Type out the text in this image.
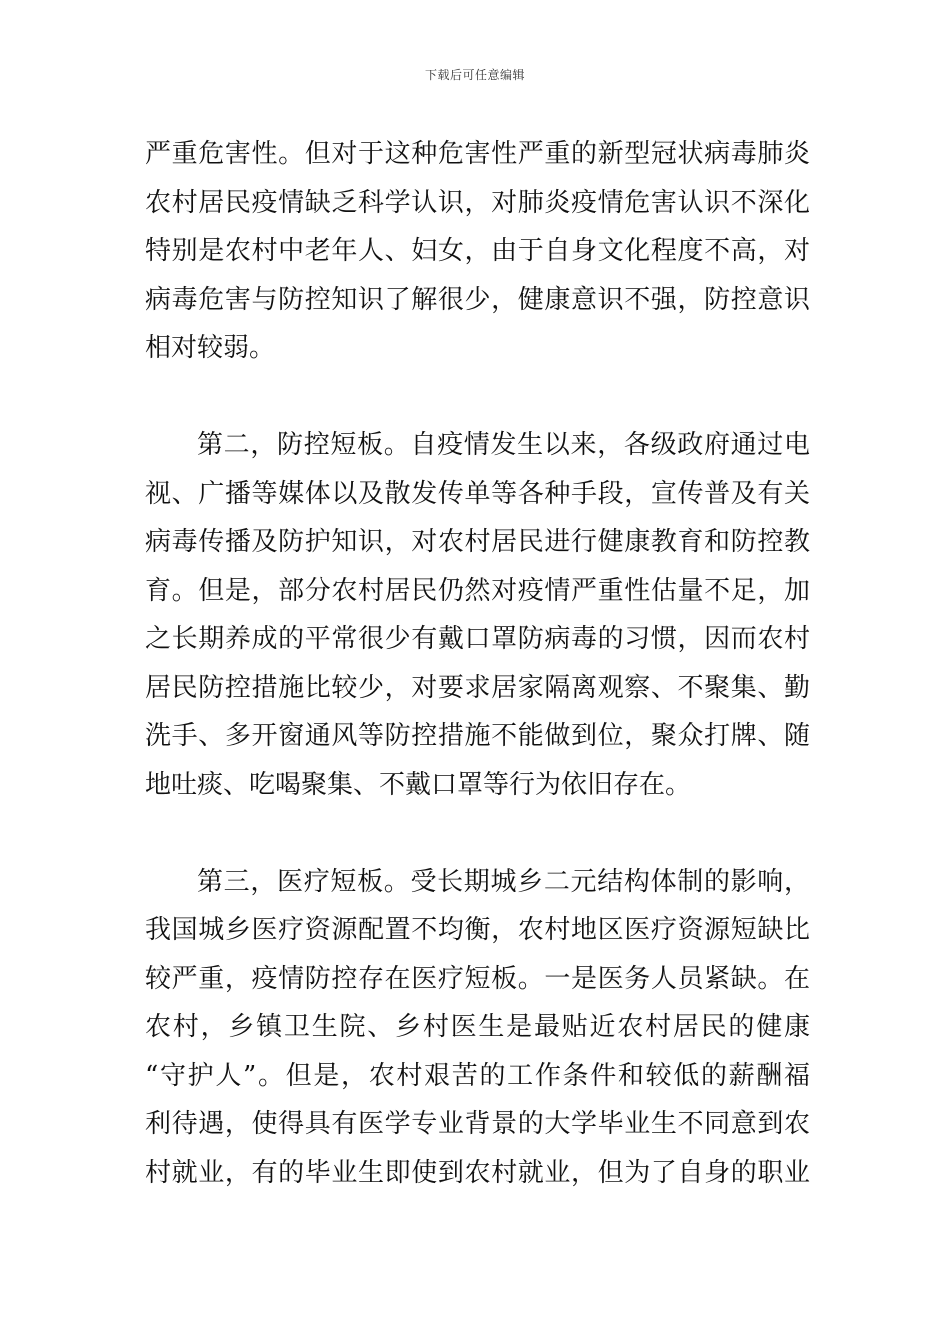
下载后可任意编辑
严重危害性。但对于这种危害性严重的新型冠状病毒肺炎
农村居民疫情缺乏科学认识，对肺炎疫情危害认识不深化
特别是农村中老年人、妇女，由于自身文化程度不高，对
病毒危害与防控知识了解很少，健康意识不强，防控意识
相对较弱。
第二，防控短板。自疫情发生以来，各级政府通过电
视、广播等媒体以及散发传单等各种手段，宣传普及有关
病毒传播及防护知识，对农村居民进行健康教育和防控教
育。但是，部分农村居民仍然对疫情严重性估量不足，加
之长期养成的平常很少有戴口罩防病毒的习惯，因而农村
居民防控措施比较少，对要求居家隔离观察、不聚集、勤
洗手、多开窗通风等防控措施不能做到位，聚众打牌、随
地吐痰、吃喝聚集、不戴口罩等行为依旧存在。
第三，医疗短板。受长期城乡二元结构体制的影响，
我国城乡医疗资源配置不均衡，农村地区医疗资源短缺比
较严重，疫情防控存在医疗短板。一是医务人员紧缺。在
农村，乡镇卫生院、乡村医生是最贴近农村居民的健康
“守护人”。但是，农村艰苦的工作条件和较低的薪酬福
利待遇，使得具有医学专业背景的大学毕业生不同意到农
村就业，有的毕业生即使到农村就业，但为了自身的职业
